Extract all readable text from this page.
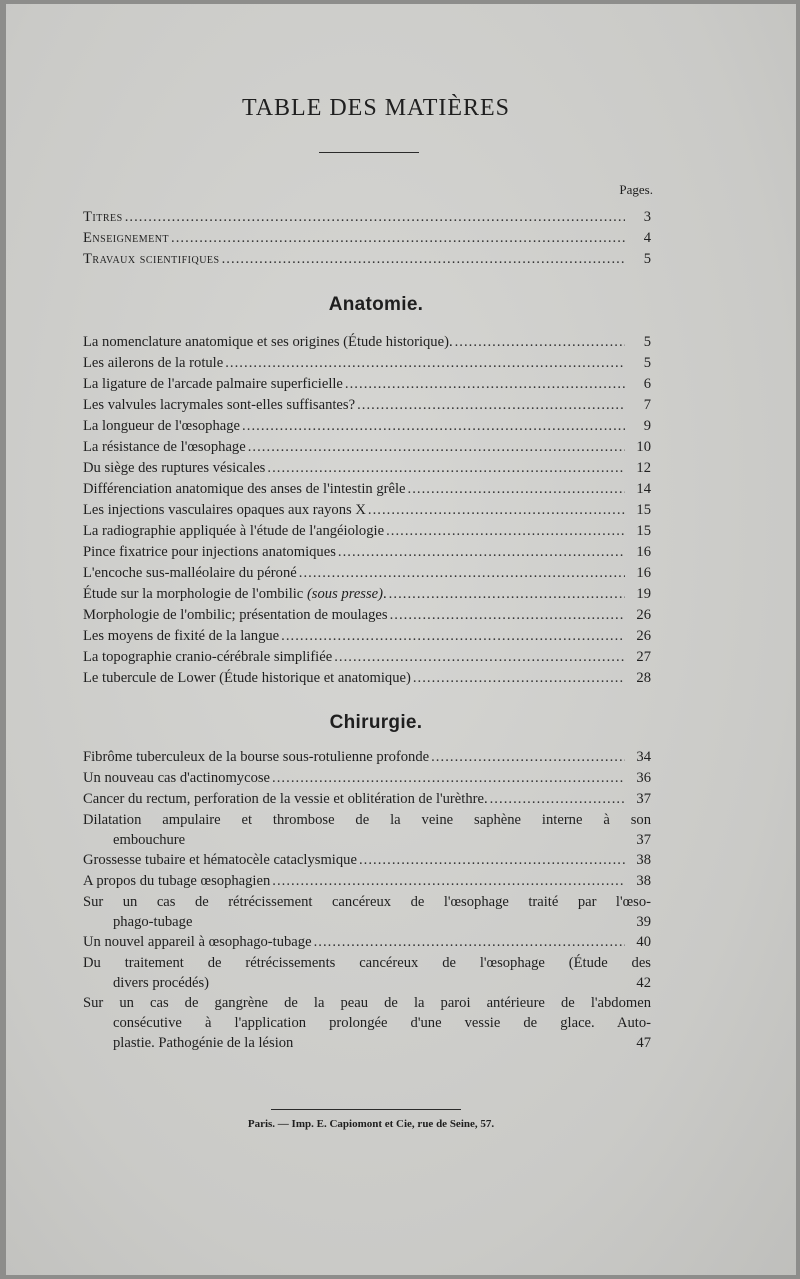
TABLE DES MATIÈRES
Pages.
Titres . . .	3
Enseignement . . .	4
Travaux scientifiques . . .	5
Anatomie.
La nomenclature anatomique et ses origines (Étude historique). . . .	5
Les ailerons de la rotule . . .	5
La ligature de l'arcade palmaire superficielle . . .	6
Les valvules lacrymales sont-elles suffisantes? . . .	7
La longueur de l'œsophage . . .	9
La résistance de l'œsophage . . .	10
Du siège des ruptures vésicales . . .	12
Différenciation anatomique des anses de l'intestin grêle . . .	14
Les injections vasculaires opaques aux rayons X . . .	15
La radiographie appliquée à l'étude de l'angéiologie . . .	15
Pince fixatrice pour injections anatomiques . . .	16
L'encoche sus-malléolaire du péroné . . .	16
Étude sur la morphologie de l'ombilic (sous presse). . . .	19
Morphologie de l'ombilic; présentation de moulages . . .	26
Les moyens de fixité de la langue . . .	26
La topographie cranio-cérébrale simplifiée . . .	27
Le tubercule de Lower (Étude historique et anatomique) . . .	28
Chirurgie.
Fibrôme tuberculeux de la bourse sous-rotulienne profonde . . .	34
Un nouveau cas d'actinomycose . . .	36
Cancer du rectum, perforation de la vessie et oblitération de l'urèthre. . . .	37
Dilatation ampulaire et thrombose de la veine saphène interne à son
embouchure	37
Grossesse tubaire et hématocèle cataclysmique . . .	38
A propos du tubage œsophagien . . .	38
Sur un cas de rétrécissement cancéreux de l'œsophage traité par l'œso-
phago-tubage	39
Un nouvel appareil à œsophago-tubage . . .	40
Du traitement de rétrécissements cancéreux de l'œsophage (Étude des
divers procédés)	42
Sur un cas de gangrène de la peau de la paroi antérieure de l'abdomen
consécutive à l'application prolongée d'une vessie de glace. Auto-
plastie. Pathogénie de la lésion	47
Paris. — Imp. E. Capiomont et Cie, rue de Seine, 57.
